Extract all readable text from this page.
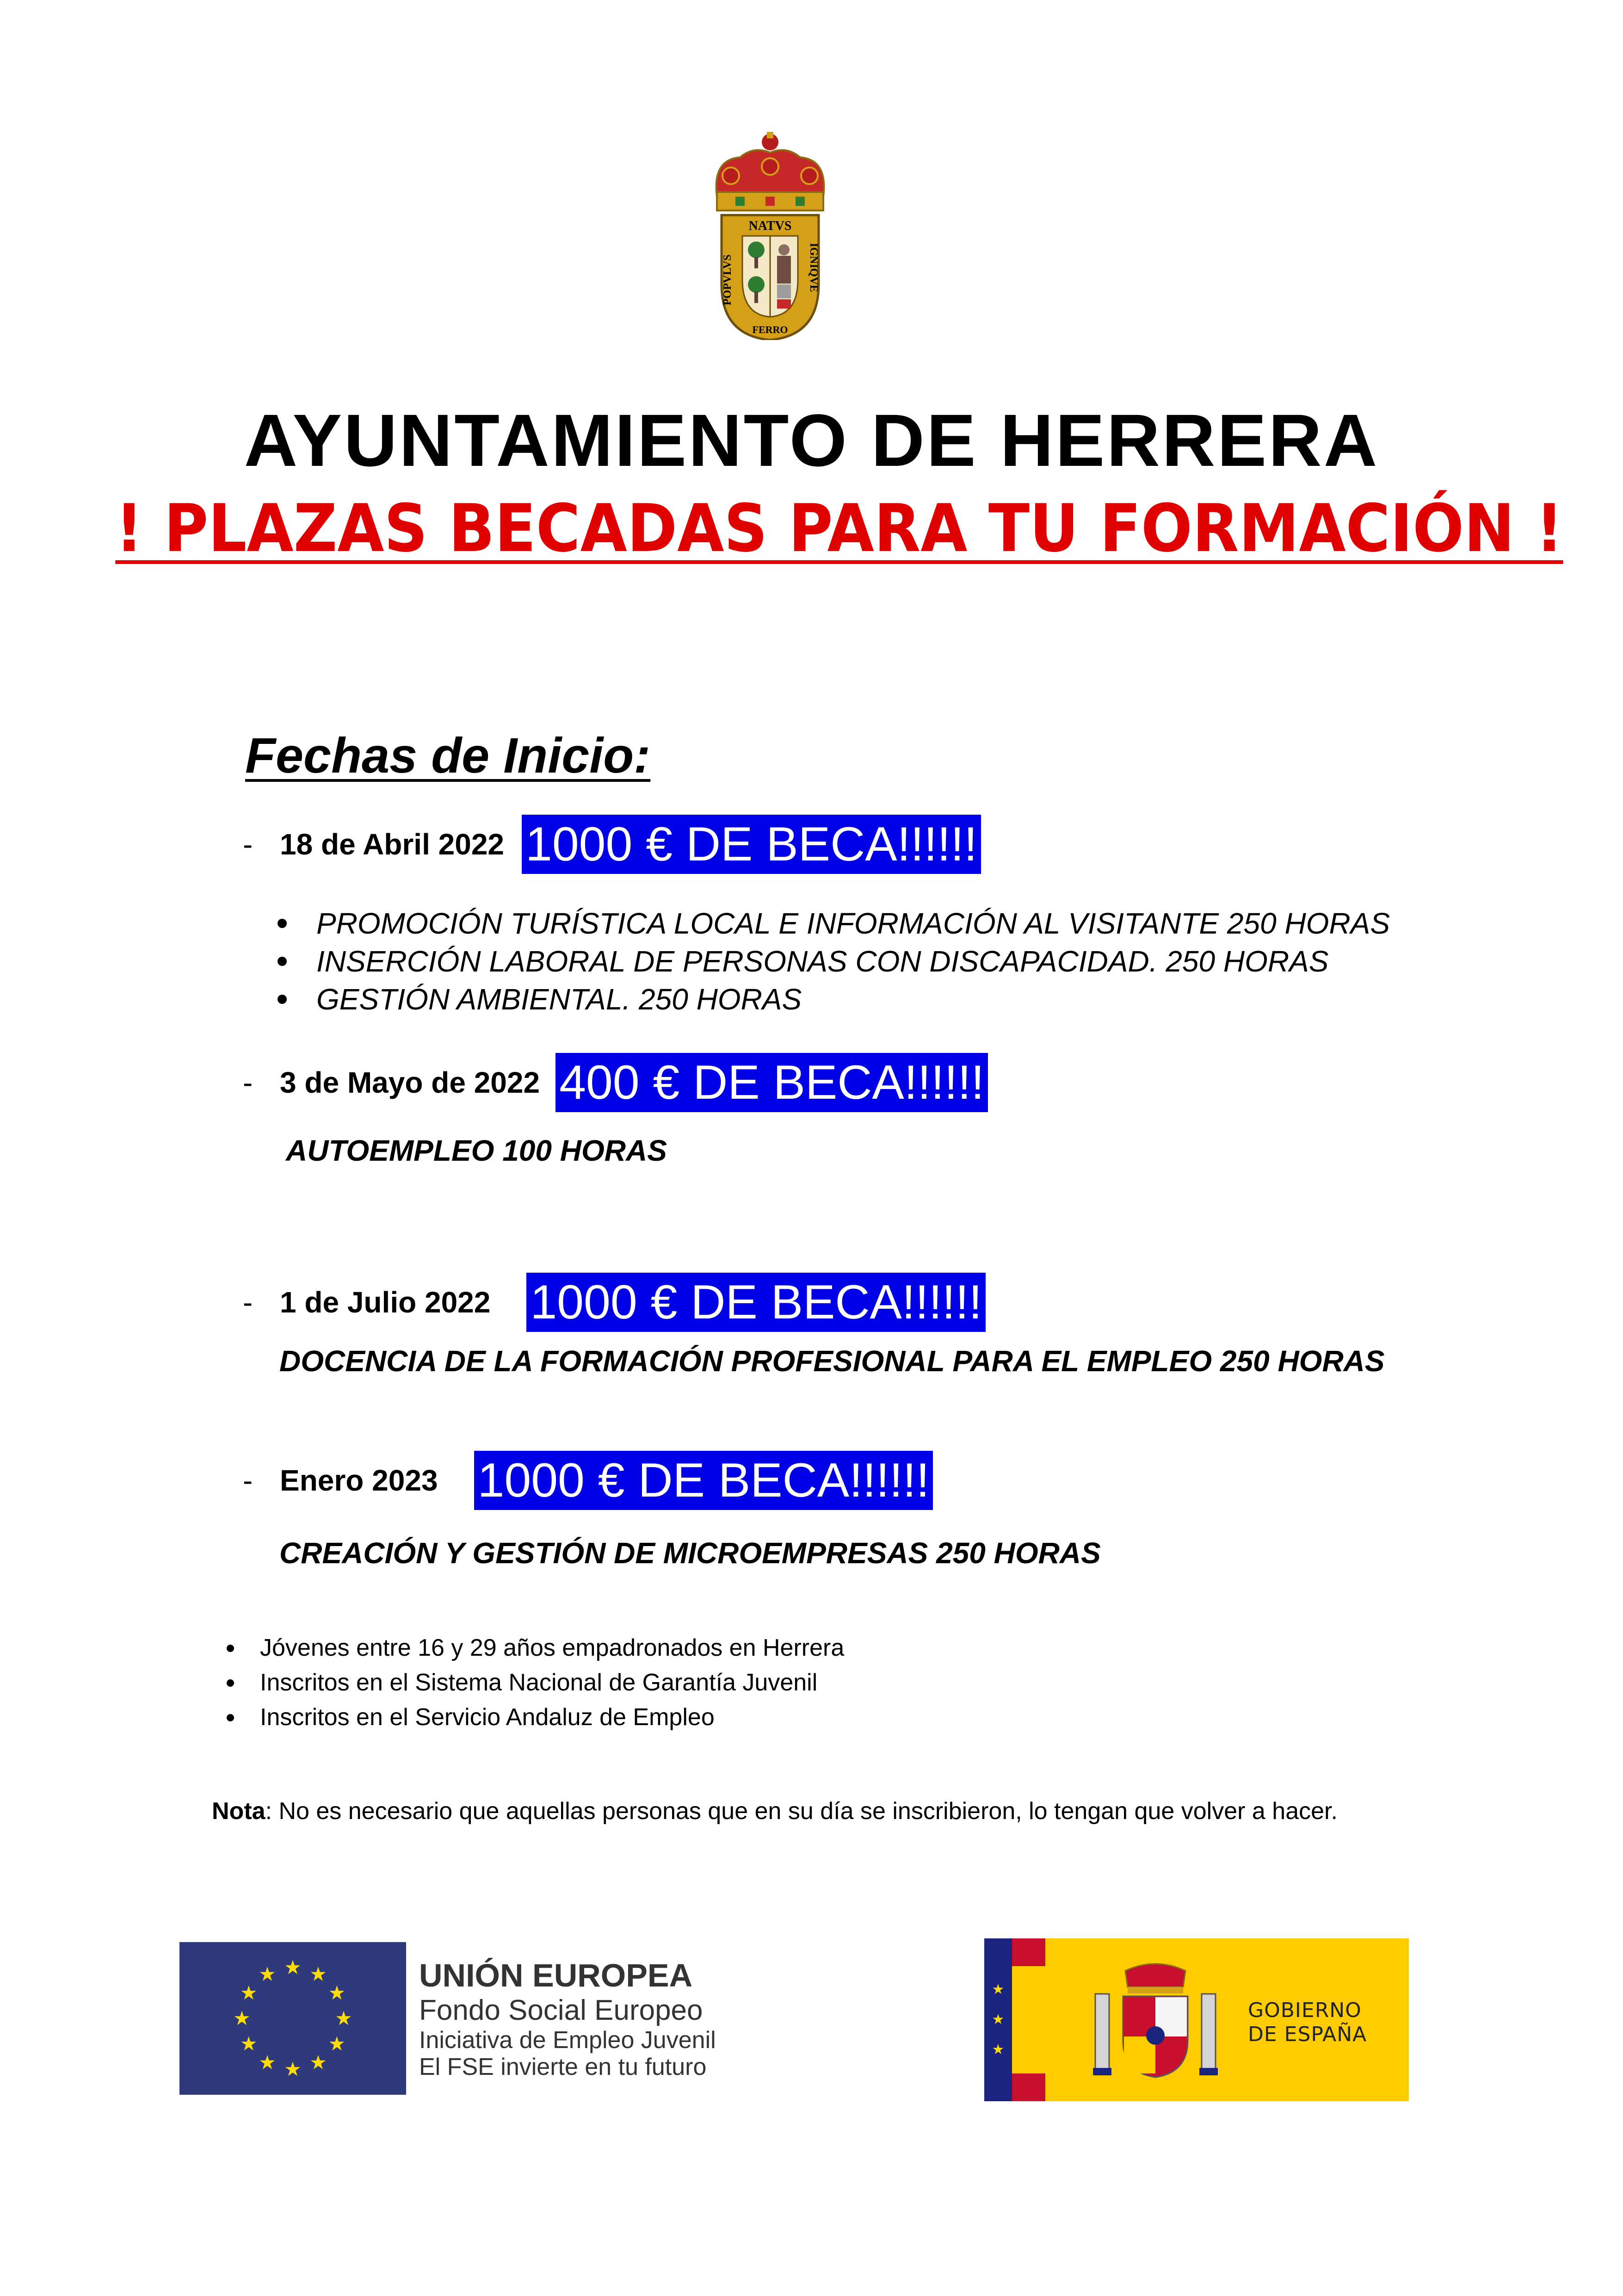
NATVS
IGNIQVE
POPVLVS
FERRO
AYUNTAMIENTO DE HERRERA
! PLAZAS BECADAS PARA TU FORMACIÓN !
Fechas de Inicio:
- 18 de Abril 2022 1000 € DE BECA!!!!!!
PROMOCIÓN TURÍSTICA LOCAL E INFORMACIÓN AL VISITANTE 250 HORAS
INSERCIÓN LABORAL DE PERSONAS CON DISCAPACIDAD. 250 HORAS
GESTIÓN AMBIENTAL. 250 HORAS
- 3 de Mayo de 2022 400 € DE BECA!!!!!!
AUTOEMPLEO 100 HORAS
- 1 de Julio 2022 1000 € DE BECA!!!!!!
DOCENCIA DE LA FORMACIÓN PROFESIONAL PARA EL EMPLEO 250 HORAS
- Enero 2023 1000 € DE BECA!!!!!!
CREACIÓN Y GESTIÓN DE MICROEMPRESAS 250 HORAS
Jóvenes entre 16 y 29 años empadronados en Herrera
Inscritos en el Sistema Nacional de Garantía Juvenil
Inscritos en el Servicio Andaluz de Empleo
Nota: No es necesario que aquellas personas que en su día se inscribieron, lo tengan que volver a hacer.
★ ★
★
★
★
★
★
★
★
★
★
★	UNIÓN EUROPEA
Fondo Social Europeo
Iniciativa de Empleo Juvenil
El FSE invierte en tu futuro
★
★
★
GOBIERNO
DE ESPAÑA
